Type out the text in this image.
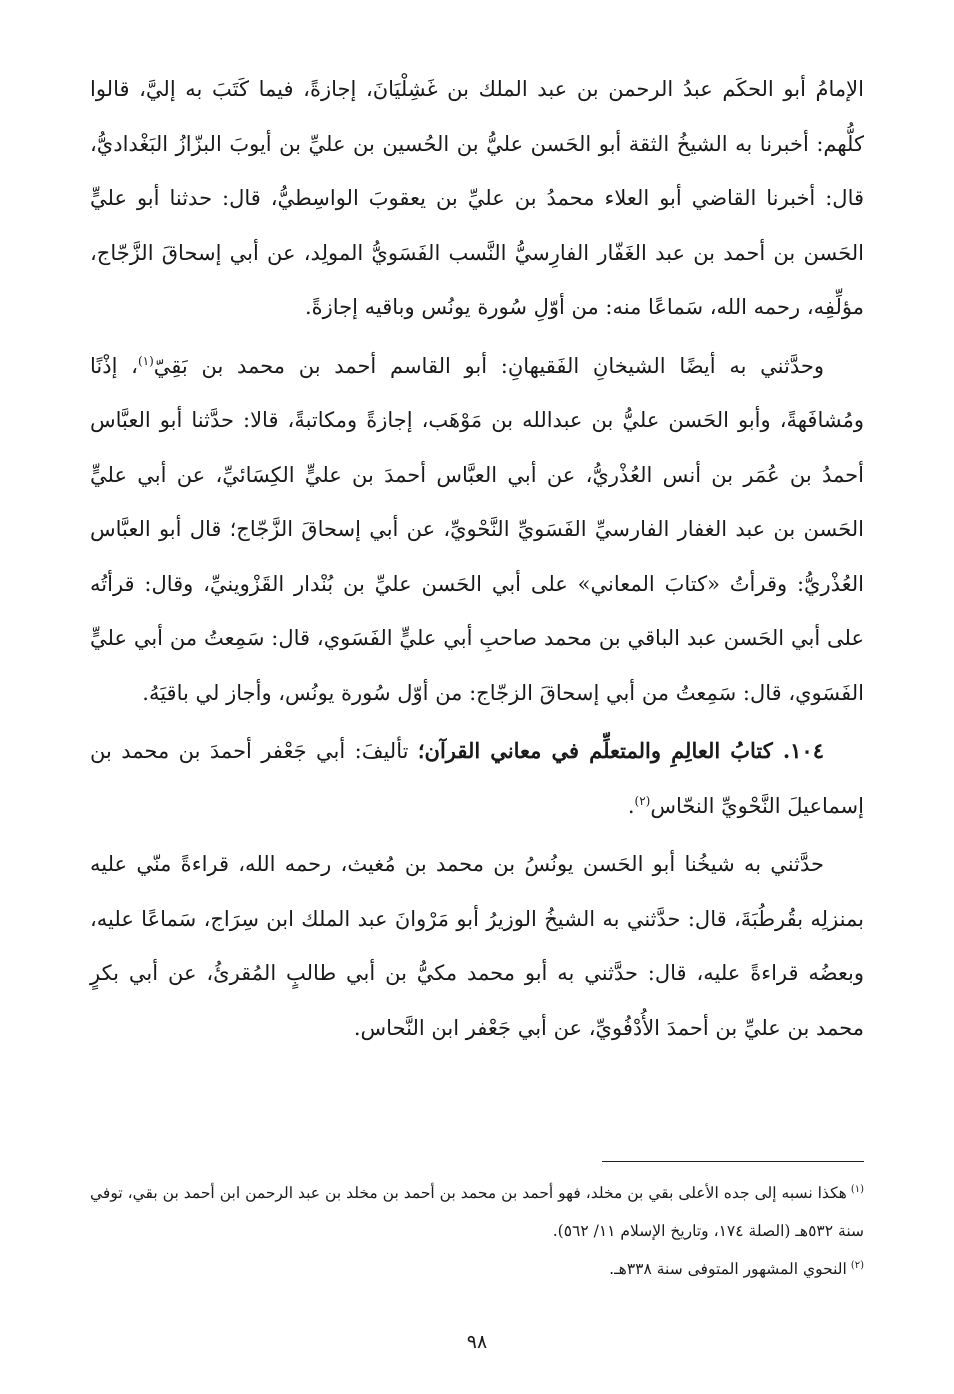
الإمامُ أبو الحكَم عبدُ الرحمن بن عبد الملك بن غَشِلْيَانَ، إجازةً، فيما كَتَبَ به إليَّ، قالوا كلُّهم: أخبرنا به الشيخُ الثقة أبو الحَسن عليُّ بن الحُسين بن عليِّ بن أيوبَ البزّازُ البَغْداديُّ، قال: أخبرنا القاضي أبو العلاء محمدُ بن عليِّ بن يعقوبَ الواسِطيُّ، قال: حدثنا أبو عليٍّ الحَسن بن أحمد بن عبد الغَفّار الفارِسيُّ النَّسب الفَسَويُّ المولِد، عن أبي إسحاقَ الزَّجّاج، مؤلِّفِه، رحمه الله، سَماعًا منه: من أوّلِ سُورة يونُس وباقيه إجازةً.

وحدَّثني به أيضًا الشيخانِ الفَقيهانِ: أبو القاسم أحمد بن محمد بن بَقِيّ$^{(١)}$، إذْنًا ومُشافَهةً، وأبو الحَسن عليُّ بن عبدالله بن مَوْهَب، إجازةً ومكاتبةً، قالا: حدَّثنا أبو العبَّاس أحمدُ بن عُمَر بن أنس العُذْريُّ، عن أبي العبَّاس أحمدَ بن عليٍّ الكِسَائيِّ، عن أبي عليٍّ الحَسن بن عبد الغفار الفارسيِّ الفَسَويِّ النَّحْويِّ، عن أبي إسحاقَ الزَّجّاج؛ قال أبو العبَّاس العُذْريُّ: وقرأتُ «كتابَ المعاني» على أبي الحَسن عليِّ بن بُنْدار القَزْوينيِّ، وقال: قرأتُه على أبي الحَسن عبد الباقي بن محمد صاحبِ أبي عليٍّ الفَسَوي، قال: سَمِعتُ من أبي عليٍّ الفَسَوي، قال: سَمِعتُ من أبي إسحاقَ الزجّاج: من أوّل سُورة يونُس، وأجاز لي باقيَهُ.

١٠٤. كتابُ العالِمِ والمتعلِّم في معاني القرآن؛ تأليفَ: أبي جَعْفر أحمدَ بن محمد بن إسماعيلَ النَّحْويِّ النحّاس$^{(٢)}$.

حدَّثني به شيخُنا أبو الحَسن يونُسُ بن محمد بن مُغيث، رحمه الله، قراءةً منّي عليه بمنزلِه بقُرطُبَةَ، قال: حدَّثني به الشيخُ الوزيرُ أبو مَرْوانَ عبد الملك ابن سِرَاج، سَماعًا عليه، وبعضُه قراءةً عليه، قال: حدَّثني به أبو محمد مكيُّ بن أبي طالبٍ المُقرئُ، عن أبي بكرٍ محمد بن عليِّ بن أحمدَ الأُدْفُويِّ، عن أبي جَعْفر ابن النَّحاس.

$^{(١)}$هكذا نسبه إلى جده الأعلى بقي بن مخلد، فهو أحمد بن محمد بن أحمد بن مخلد بن عبد الرحمن ابن أحمد بن بقي، توفي سنة ٥٣٢هـ (الصلة ١٧٤، وتاريخ الإسلام ١١/ ٥٦٢).

$^{(٢)}$النحوي المشهور المتوفى سنة ٣٣٨هـ.

٩٨
